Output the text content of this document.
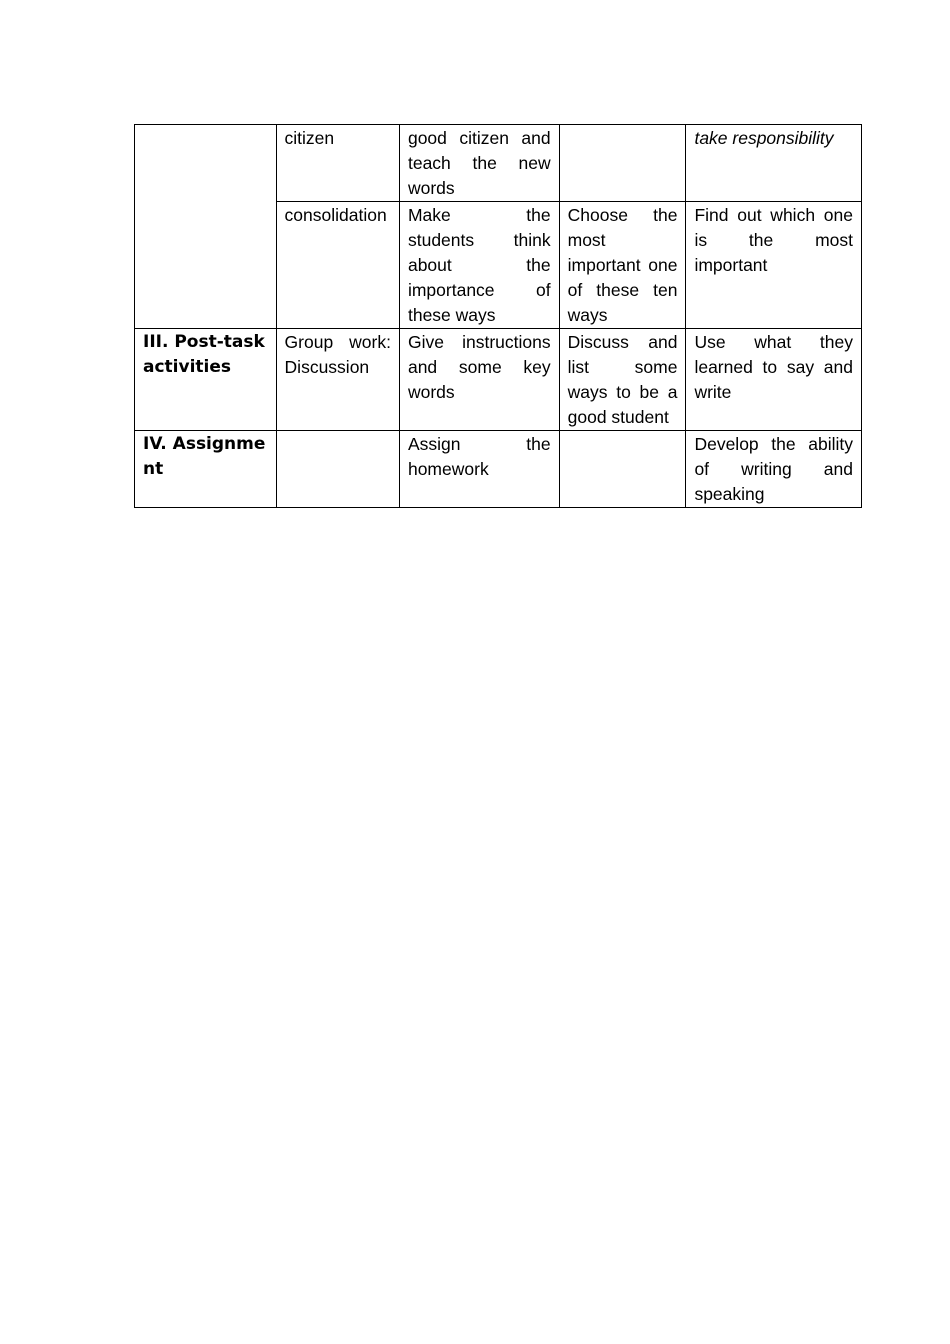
	citizen	good citizen and teach the new words		take responsibility
	consolidation	Make the students think about the importance of these ways	Choose the most important one of these ten ways	Find out which one is the most important
III. Post-task activities	Group work: Discussion	Give instructions and some key words	Discuss and list some ways to be a good student	Use what they learned to say and write
IV. Assignment		Assign the homework		Develop the ability of writing and speaking
